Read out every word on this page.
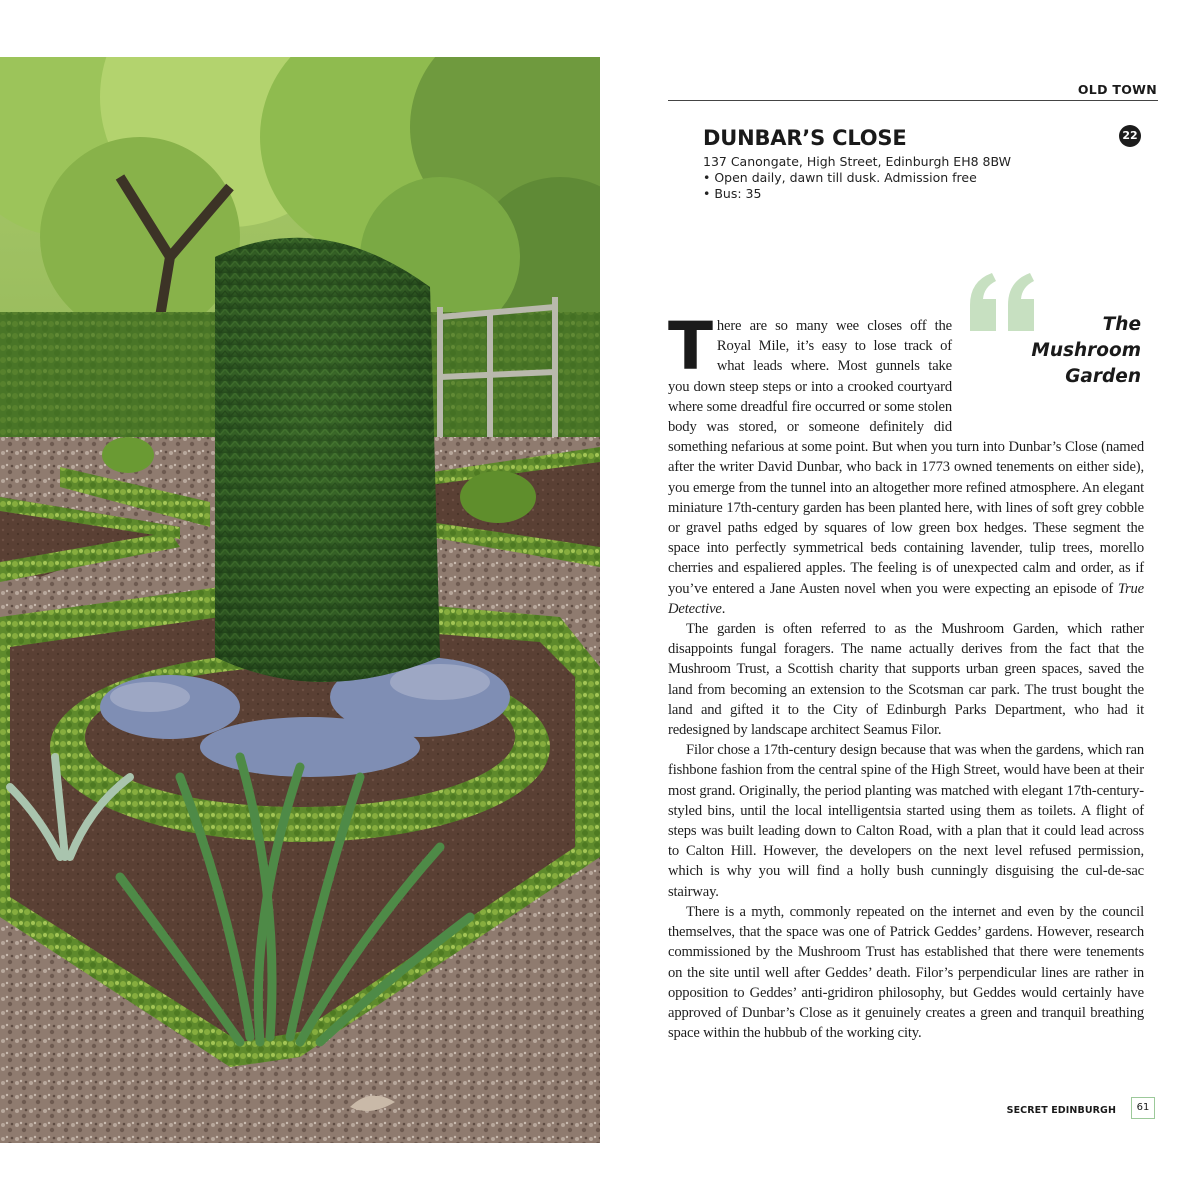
OLD TOWN
22
DUNBAR’S CLOSE
137 Canongate, High Street, Edinburgh EH8 8BW
• Open daily, dawn till dusk. Admission free
• Bus: 35
The
Mushroom
Garden

T here are so many wee closes off the Royal Mile, it’s easy to lose track of what leads where. Most gunnels take you down steep steps or into a crooked courtyard where some dreadful fire occurred or some stolen body was stored, or someone definitely did something nefarious at some point. But when you turn into Dunbar’s Close (named after the writer David Dunbar, who back in 1773 owned tenements on either side), you emerge from the tunnel into an altogether more refined atmosphere. An elegant miniature 17th-century garden has been planted here, with lines of soft grey cobble or gravel paths edged by squares of low green box hedges. These segment the space into perfectly symmetrical beds containing lavender, tulip trees, morello cherries and espaliered apples. The feeling is of unexpected calm and order, as if you’ve entered a Jane Austen novel when you were expecting an episode of True Detective.

The garden is often referred to as the Mushroom Garden, which rather disappoints fungal foragers. The name actually derives from the fact that the Mushroom Trust, a Scottish charity that supports urban green spaces, saved the land from becoming an extension to the Scotsman car park. The trust bought the land and gifted it to the City of Edinburgh Parks Department, who had it redesigned by landscape architect Seamus Filor.

Filor chose a 17th-century design because that was when the gardens, which ran fishbone fashion from the central spine of the High Street, would have been at their most grand. Originally, the period planting was matched with elegant 17th-century-styled bins, until the local intelligentsia started using them as toilets. A flight of steps was built leading down to Calton Road, with a plan that it could lead across to Calton Hill. However, the developers on the next level refused permission, which is why you will find a holly bush cunningly disguising the cul-de-sac stairway.

There is a myth, commonly repeated on the internet and even by the council themselves, that the space was one of Patrick Geddes’ gardens. However, research commissioned by the Mushroom Trust has established that there were tenements on the site until well after Geddes’ death. Filor’s perpendicular lines are rather in opposition to Geddes’ anti-gridiron philosophy, but Geddes would certainly have approved of Dunbar’s Close as it genuinely creates a green and tranquil breathing space within the hubbub of the working city.

SECRET EDINBURGH	61
